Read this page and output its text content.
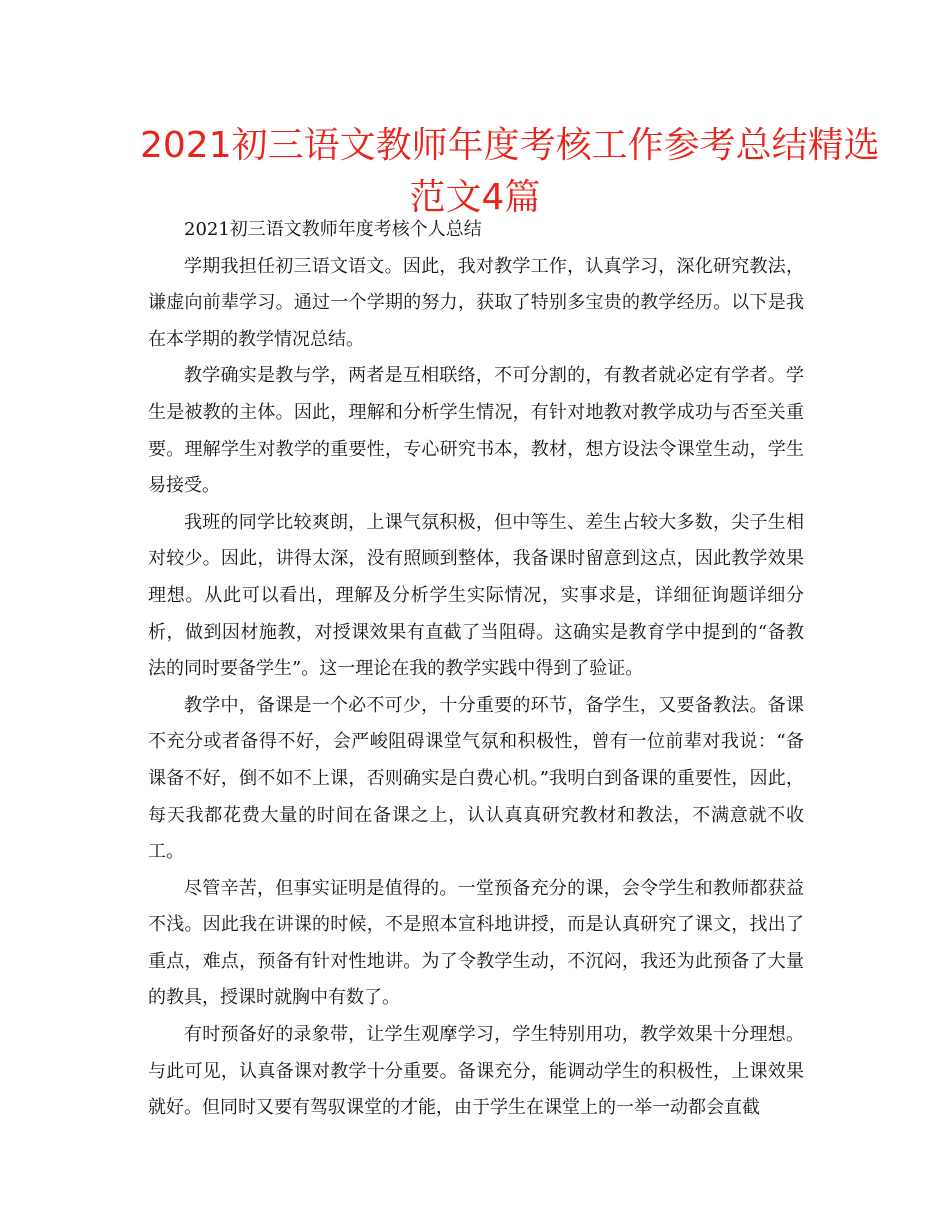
2021初三语文教师年度考核工作参考总结精选
范文4篇

2021初三语文教师年度考核个人总结

学期我担任初三语文语文。因此，我对教学工作，认真学习，深化研究教法，谦虚向前辈学习。通过一个学期的努力，获取了特别多宝贵的教学经历。以下是我在本学期的教学情况总结。

教学确实是教与学，两者是互相联络，不可分割的，有教者就必定有学者。学生是被教的主体。因此，理解和分析学生情况，有针对地教对教学成功与否至关重要。理解学生对教学的重要性，专心研究书本，教材，想方设法令课堂生动，学生易接受。

我班的同学比较爽朗，上课气氛积极，但中等生、差生占较大多数，尖子生相对较少。因此，讲得太深，没有照顾到整体，我备课时留意到这点，因此教学效果理想。从此可以看出，理解及分析学生实际情况，实事求是，详细征询题详细分析，做到因材施教，对授课效果有直截了当阻碍。这确实是教育学中提到的“备教法的同时要备学生”。这一理论在我的教学实践中得到了验证。

教学中，备课是一个必不可少，十分重要的环节，备学生，又要备教法。备课不充分或者备得不好，会严峻阻碍课堂气氛和积极性，曾有一位前辈对我说：“备课备不好，倒不如不上课，否则确实是白费心机。”我明白到备课的重要性，因此，每天我都花费大量的时间在备课之上，认认真真研究教材和教法，不满意就不收工。

尽管辛苦，但事实证明是值得的。一堂预备充分的课，会令学生和教师都获益不浅。因此我在讲课的时候，不是照本宣科地讲授，而是认真研究了课文，找出了重点，难点，预备有针对性地讲。为了令教学生动，不沉闷，我还为此预备了大量的教具，授课时就胸中有数了。

有时预备好的录象带，让学生观摩学习，学生特别用功，教学效果十分理想。与此可见，认真备课对教学十分重要。备课充分，能调动学生的积极性，上课效果就好。但同时又要有驾驭课堂的才能，由于学生在课堂上的一举一动都会直截
